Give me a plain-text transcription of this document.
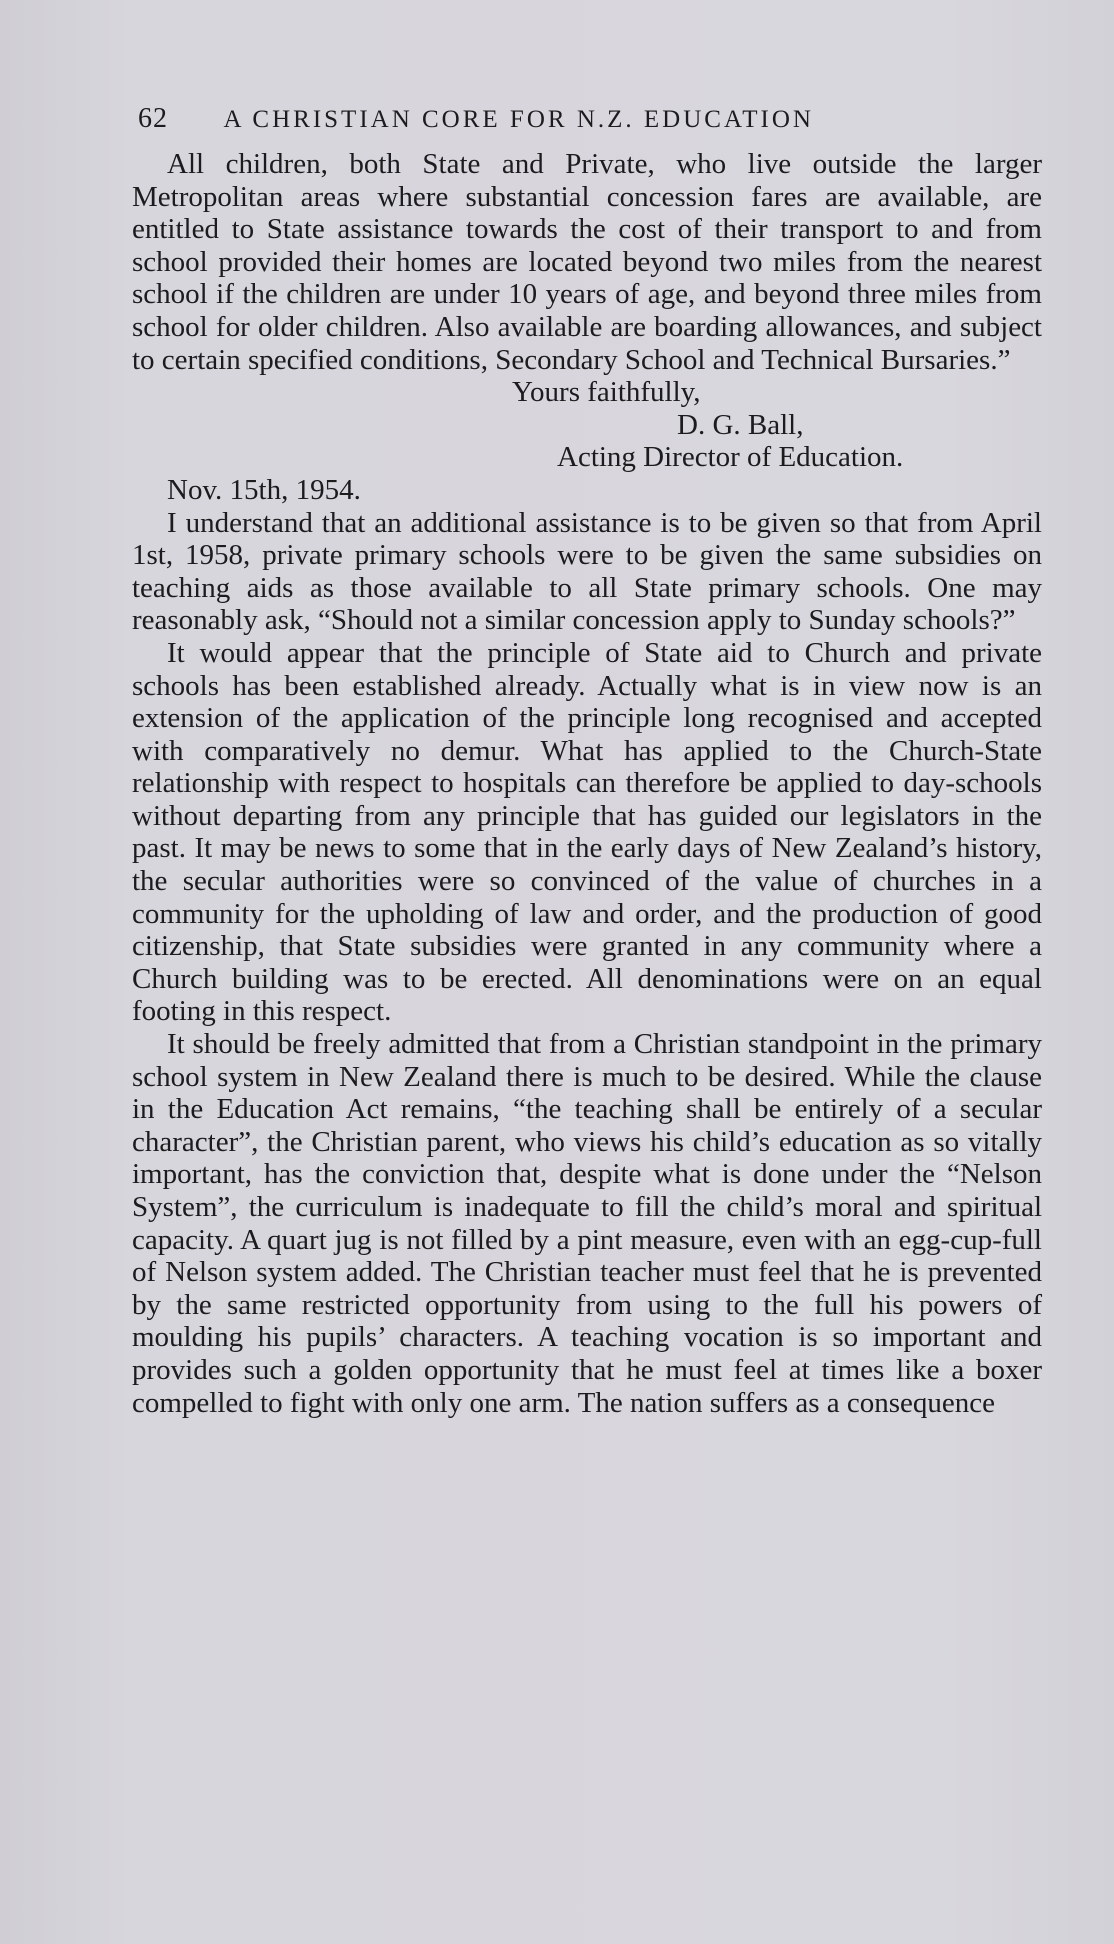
62 A CHRISTIAN CORE FOR N.Z. EDUCATION

All children, both State and Private, who live outside the larger Metropolitan areas where substantial concession fares are available, are entitled to State assistance towards the cost of their transport to and from school provided their homes are located beyond two miles from the nearest school if the children are under 10 years of age, and beyond three miles from school for older children. Also available are boarding allowances, and subject to certain specified conditions, Secondary School and Technical Bursaries.”

Yours faithfully,

D. G. Ball,

Acting Director of Education.

Nov. 15th, 1954.

I understand that an additional assistance is to be given so that from April 1st, 1958, private primary schools were to be given the same subsidies on teaching aids as those available to all State primary schools. One may reasonably ask, “Should not a similar concession apply to Sunday schools?”

It would appear that the principle of State aid to Church and private schools has been established already. Actually what is in view now is an extension of the application of the principle long recognised and accepted with comparatively no demur. What has applied to the Church-State relationship with respect to hospitals can therefore be applied to day-schools without departing from any principle that has guided our legislators in the past. It may be news to some that in the early days of New Zealand’s history, the secular authorities were so convinced of the value of churches in a community for the upholding of law and order, and the production of good citizenship, that State subsidies were granted in any community where a Church building was to be erected. All denominations were on an equal footing in this respect.

It should be freely admitted that from a Christian standpoint in the primary school system in New Zealand there is much to be desired. While the clause in the Education Act remains, “the teaching shall be entirely of a secular character”, the Christian parent, who views his child’s education as so vitally important, has the conviction that, despite what is done under the “Nelson System”, the curriculum is inadequate to fill the child’s moral and spiritual capacity. A quart jug is not filled by a pint measure, even with an egg-cup-full of Nelson system added. The Christian teacher must feel that he is prevented by the same restricted opportunity from using to the full his powers of moulding his pupils’ characters. A teaching vocation is so important and provides such a golden opportunity that he must feel at times like a boxer compelled to fight with only one arm. The nation suffers as a consequence
